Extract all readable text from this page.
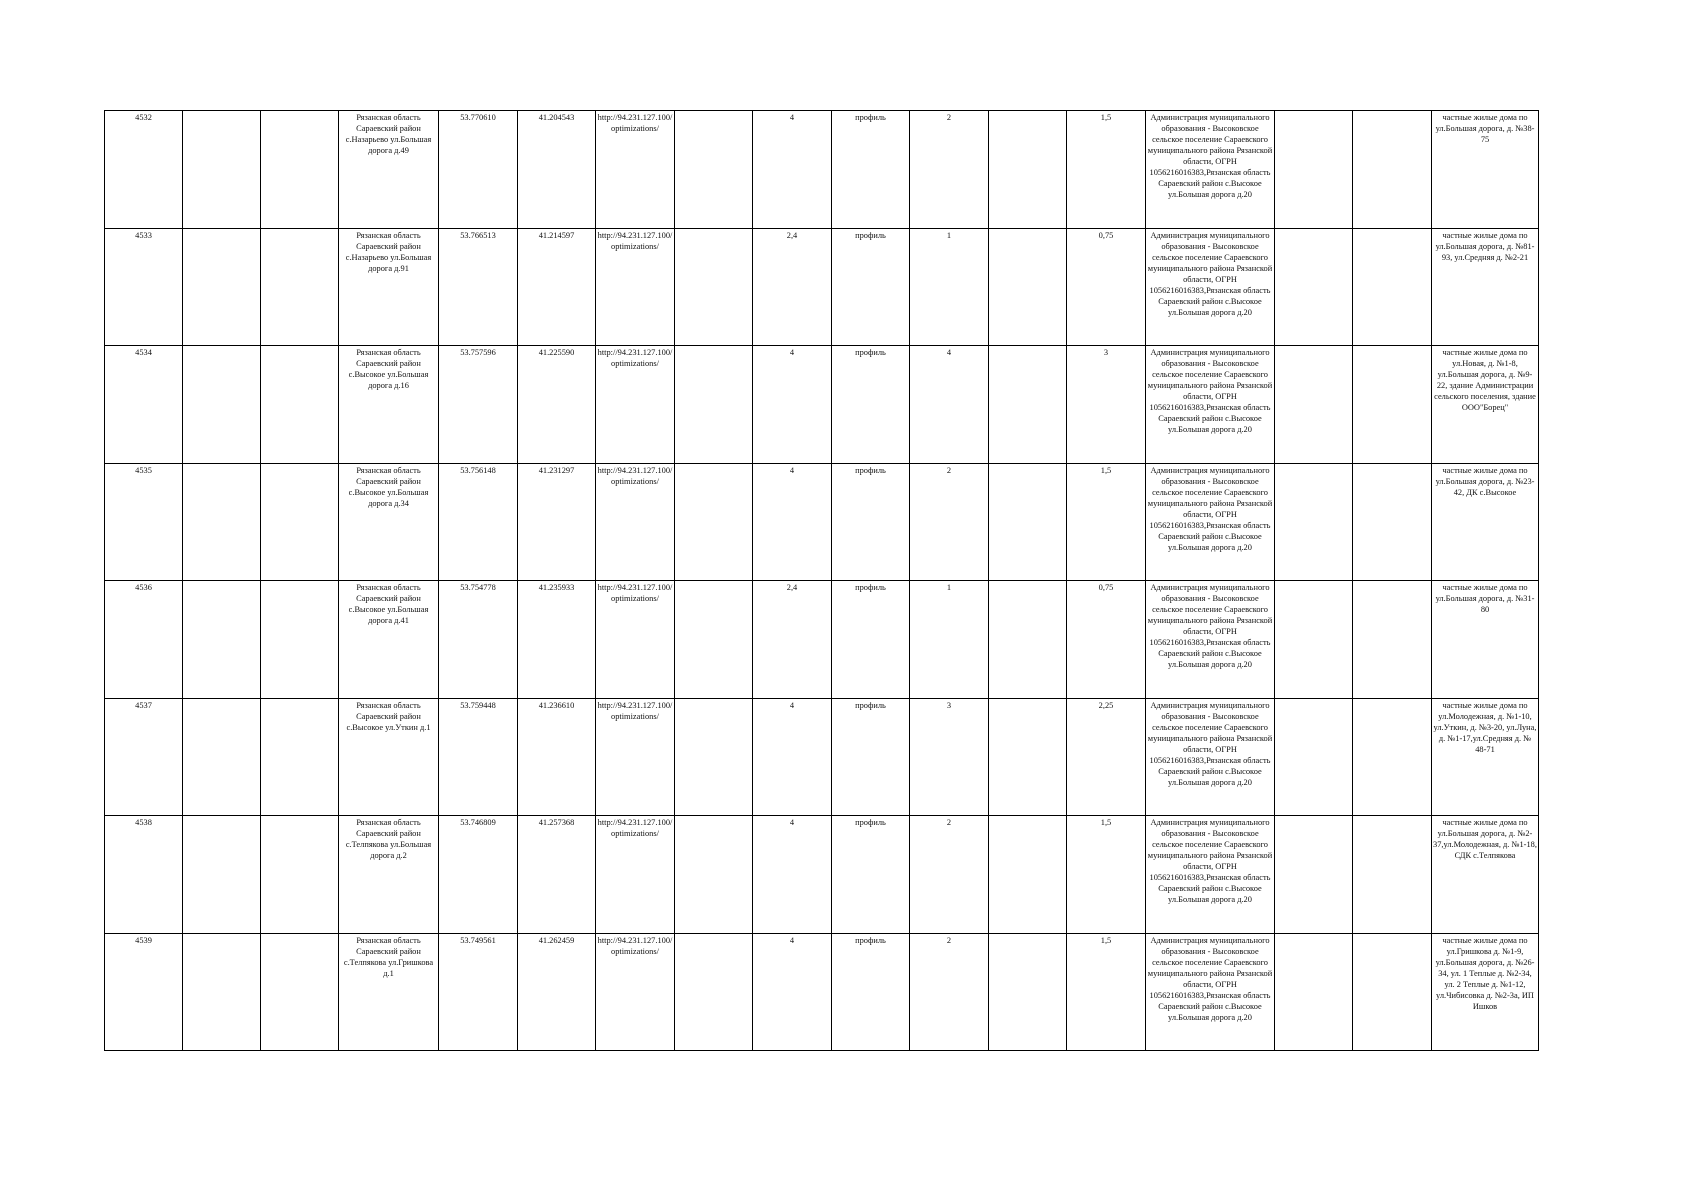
4532			Рязанская область Сараевский район с.Назарьево ул.Большая дорога д.49	53.770610	41.204543	http://94.231.127.100/optimizations/		4	профиль	2		1,5	Администрация муниципального образования - Высоковское сельское поселение Сараевского муниципального района Рязанской области, ОГРН 1056216016383,Рязанская область Сараевский район с.Высокое ул.Большая дорога д.20			частные жилые дома по ул.Большая дорога, д. №38-75
4533			Рязанская область Сараевский район с.Назарьево ул.Большая дорога д.91	53.766513	41.214597	http://94.231.127.100/optimizations/		2,4	профиль	1		0,75	Администрация муниципального образования - Высоковское сельское поселение Сараевского муниципального района Рязанской области, ОГРН 1056216016383,Рязанская область Сараевский район с.Высокое ул.Большая дорога д.20			частные жилые дома по ул.Большая дорога, д. №81-93, ул.Средняя д. №2-21
4534			Рязанская область Сараевский район с.Высокое ул.Большая дорога д.16	53.757596	41.225590	http://94.231.127.100/optimizations/		4	профиль	4		3	Администрация муниципального образования - Высоковское сельское поселение Сараевского муниципального района Рязанской области, ОГРН 1056216016383,Рязанская область Сараевский район с.Высокое ул.Большая дорога д.20			частные жилые дома по ул.Новая, д. №1-8, ул.Большая дорога, д. №9-22, здание Администрации сельского поселения, здание ООО"Борец"
4535			Рязанская область Сараевский район с.Высокое ул.Большая дорога д.34	53.756148	41.231297	http://94.231.127.100/optimizations/		4	профиль	2		1,5	Администрация муниципального образования - Высоковское сельское поселение Сараевского муниципального района Рязанской области, ОГРН 1056216016383,Рязанская область Сараевский район с.Высокое ул.Большая дорога д.20			частные жилые дома по ул.Большая дорога, д. №23-42, ДК с.Высокое
4536			Рязанская область Сараевский район с.Высокое ул.Большая дорога д.41	53.754778	41.235933	http://94.231.127.100/optimizations/		2,4	профиль	1		0,75	Администрация муниципального образования - Высоковское сельское поселение Сараевского муниципального района Рязанской области, ОГРН 1056216016383,Рязанская область Сараевский район с.Высокое ул.Большая дорога д.20			частные жилые дома по ул.Большая дорога, д. №31-80
4537			Рязанская область Сараевский район с.Высокое ул.Уткин д.1	53.759448	41.236610	http://94.231.127.100/optimizations/		4	профиль	3		2,25	Администрация муниципального образования - Высоковское сельское поселение Сараевского муниципального района Рязанской области, ОГРН 1056216016383,Рязанская область Сараевский район с.Высокое ул.Большая дорога д.20			частные жилые дома по ул.Молодежная, д. №1-10, ул.Уткин, д. №3-20, ул.Луна, д. №1-17,ул.Средняя д. № 48-71
4538			Рязанская область Сараевский район с.Телпякова ул.Большая дорога д.2	53.746809	41.257368	http://94.231.127.100/optimizations/		4	профиль	2		1,5	Администрация муниципального образования - Высоковское сельское поселение Сараевского муниципального района Рязанской области, ОГРН 1056216016383,Рязанская область Сараевский район с.Высокое ул.Большая дорога д.20			частные жилые дома по ул.Большая дорога, д. №2-37,ул.Молодежная, д. №1-18, СДК с.Телпякова
4539			Рязанская область Сараевский район с.Телпякова ул.Гришкова д.1	53.749561	41.262459	http://94.231.127.100/optimizations/		4	профиль	2		1,5	Администрация муниципального образования - Высоковское сельское поселение Сараевского муниципального района Рязанской области, ОГРН 1056216016383,Рязанская область Сараевский район с.Высокое ул.Большая дорога д.20			частные жилые дома по ул.Гришкова д. №1-9, ул.Большая дорога, д. №26-34, ул. 1 Теплые д. №2-34, ул. 2 Теплые д. №1-12, ул.Чибисовка д. №2-3а, ИП Ишков
